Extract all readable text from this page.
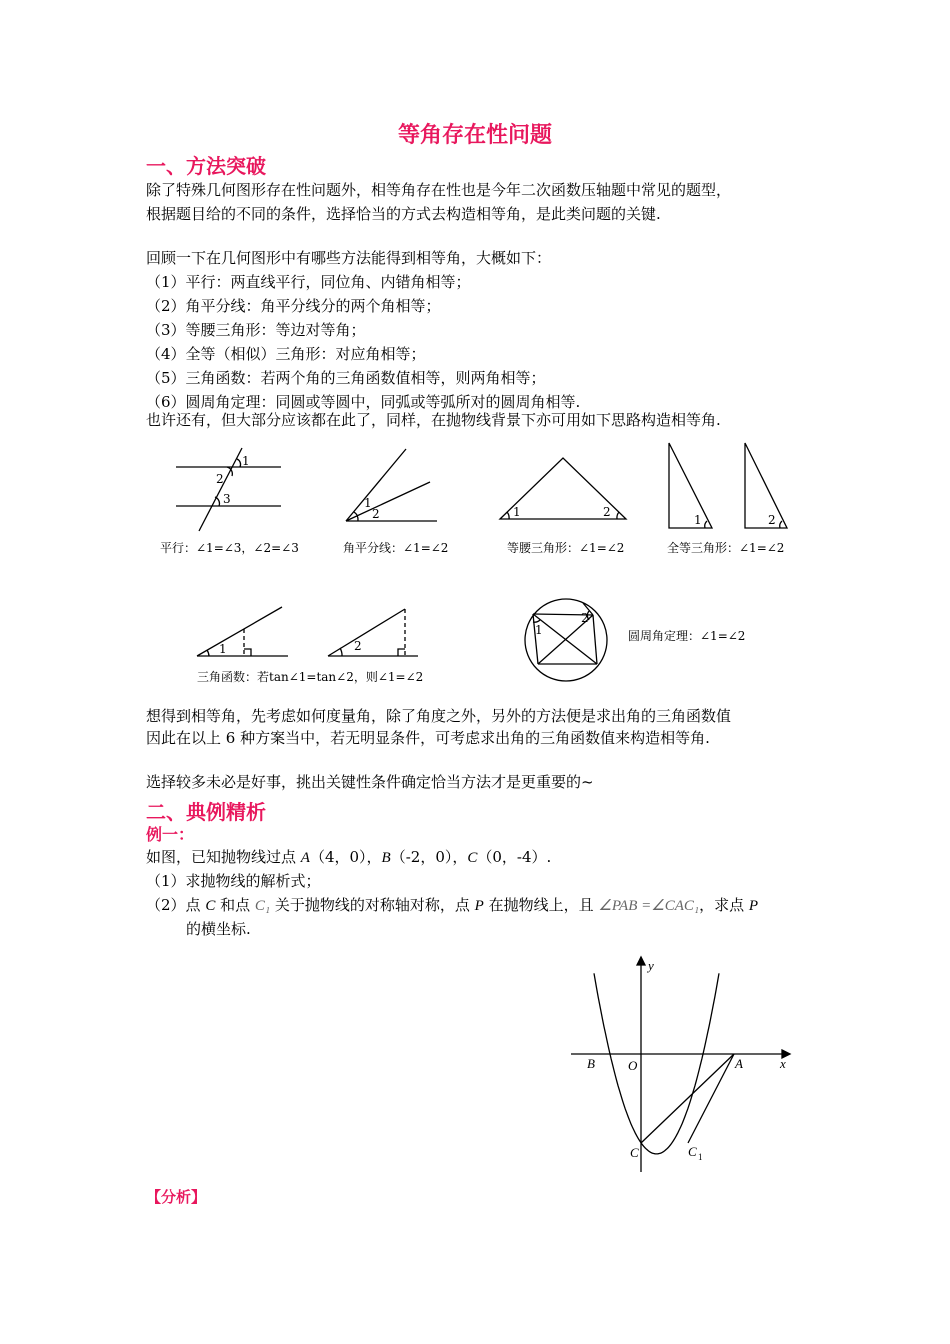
等角存在性问题
一、方法突破
除了特殊几何图形存在性问题外，相等角存在性也是今年二次函数压轴题中常见的题型，
根据题目给的不同的条件，选择恰当的方式去构造相等角，是此类问题的关键.
回顾一下在几何图形中有哪些方法能得到相等角，大概如下：
（1）平行：两直线平行，同位角、内错角相等；
（2）角平分线：角平分线分的两个角相等；
（3）等腰三角形：等边对等角；
（4）全等（相似）三角形：对应角相等；
（5）三角函数：若两个角的三角函数值相等，则两角相等；
（6）圆周角定理：同圆或等圆中，同弧或等弧所对的圆周角相等.
也许还有，但大部分应该都在此了，同样，在抛物线背景下亦可用如下思路构造相等角.
1
2
3	1
2	1	2
1	2
1	2
1
2
平行：∠1=∠3，∠2=∠3	角平分线：∠1=∠2	等腰三角形：∠1=∠2	全等三角形：∠1=∠2
三角函数：若tan∠1=tan∠2，则∠1=∠2
圆周角定理：∠1=∠2
想得到相等角，先考虑如何度量角，除了角度之外，另外的方法便是求出角的三角函数值
因此在以上 6 种方案当中，若无明显条件，可考虑求出角的三角函数值来构造相等角.
选择较多未必是好事，挑出关键性条件确定恰当方法才是更重要的~
二、典例精析
例一：
如图，已知抛物线过点 A（4，0），B（-2，0），C（0，-4）.
（1）求抛物线的解析式；
（2）点 C 和点 C₁ 关于抛物线的对称轴对称，点 P 在抛物线上，且 ∠PAB =∠CAC₁，求点 P
的横坐标.
y
x
O
B	A
C	C 1
【分析】
